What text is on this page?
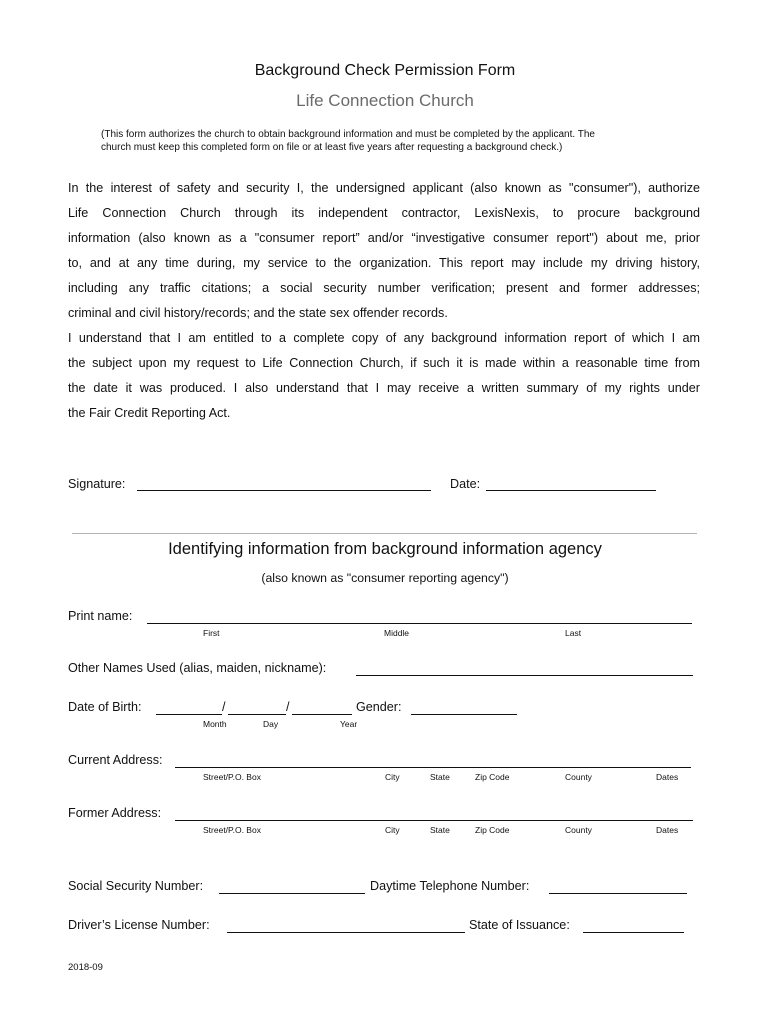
Background Check Permission Form
Life Connection Church
(This form authorizes the church to obtain background information and must be completed by the applicant. The
church must keep this completed form on file or at least five years after requesting a background check.)
In the interest of safety and security I, the undersigned applicant (also known as "consumer"), authorize
Life Connection Church through its independent contractor, LexisNexis, to procure background
information (also known as a "consumer report” and/or “investigative consumer report") about me, prior
to, and at any time during, my service to the organization. This report may include my driving history,
including any traffic citations; a social security number verification; present and former addresses;
criminal and civil history/records; and the state sex offender records.
I understand that I am entitled to a complete copy of any background information report of which I am
the subject upon my request to Life Connection Church, if such it is made within a reasonable time from
the date it was produced. I also understand that I may receive a written summary of my rights under
the Fair Credit Reporting Act.
Signature:	Date:
Identifying information from background information agency
(also known as "consumer reporting agency")
Print name:
First	Middle	Last
Other Names Used (alias, maiden, nickname):
Date of Birth:	/	/	Gender:
Month	Day	Year
Current Address:
Street/P.O. Box	City	State	Zip Code	County	Dates
Former Address:
Street/P.O. Box	City	State	Zip Code	County	Dates
Social Security Number:	Daytime Telephone Number:
Driver’s License Number:	State of Issuance:
2018-09
